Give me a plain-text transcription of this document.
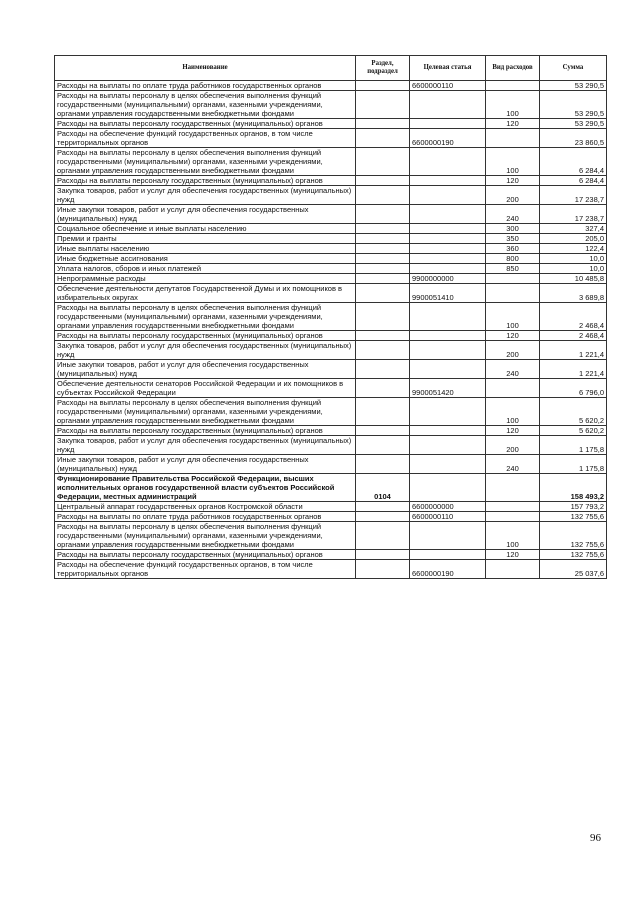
Наименование	Раздел, подраздел	Целевая статья	Вид расходов	Сумма
Расходы на выплаты по оплате труда работников государственных органов		6600000110		53 290,5
Расходы на выплаты персоналу в целях обеспечения выполнения функций государственными (муниципальными) органами, казенными учреждениями, органами управления государственными внебюджетными фондами			100	53 290,5
Расходы на выплаты персоналу государственных (муниципальных) органов			120	53 290,5
Расходы на обеспечение функций государственных органов, в том числе территориальных органов		6600000190		23 860,5
Расходы на выплаты персоналу в целях обеспечения выполнения функций государственными (муниципальными) органами, казенными учреждениями, органами управления государственными внебюджетными фондами			100	6 284,4
Расходы на выплаты персоналу государственных (муниципальных) органов			120	6 284,4
Закупка товаров, работ и услуг для обеспечения государственных (муниципальных) нужд			200	17 238,7
Иные закупки товаров, работ и услуг для обеспечения государственных (муниципальных) нужд			240	17 238,7
Социальное обеспечение и иные выплаты населению			300	327,4
Премии и гранты			350	205,0
Иные выплаты населению			360	122,4
Иные бюджетные ассигнования			800	10,0
Уплата налогов, сборов и иных платежей			850	10,0
Непрограммные расходы		9900000000		10 485,8
Обеспечение деятельности депутатов Государственной Думы и их помощников в избирательных округах		9900051410		3 689,8
Расходы на выплаты персоналу в целях обеспечения выполнения функций государственными (муниципальными) органами, казенными учреждениями, органами управления государственными внебюджетными фондами			100	2 468,4
Расходы на выплаты персоналу государственных (муниципальных) органов			120	2 468,4
Закупка товаров, работ и услуг для обеспечения государственных (муниципальных) нужд			200	1 221,4
Иные закупки товаров, работ и услуг для обеспечения государственных (муниципальных) нужд			240	1 221,4
Обеспечение деятельности сенаторов Российской Федерации и их помощников в субъектах Российской Федерации		9900051420		6 796,0
Расходы на выплаты персоналу в целях обеспечения выполнения функций государственными (муниципальными) органами, казенными учреждениями, органами управления государственными внебюджетными фондами			100	5 620,2
Расходы на выплаты персоналу государственных (муниципальных) органов			120	5 620,2
Закупка товаров, работ и услуг для обеспечения государственных (муниципальных) нужд			200	1 175,8
Иные закупки товаров, работ и услуг для обеспечения государственных (муниципальных) нужд			240	1 175,8
Функционирование Правительства Российской Федерации, высших исполнительных органов государственной власти субъектов Российской Федерации, местных администраций	0104			158 493,2
Центральный аппарат государственных органов Костромской области		6600000000		157 793,2
Расходы на выплаты по оплате труда работников государственных органов		6600000110		132 755,6
Расходы на выплаты персоналу в целях обеспечения выполнения функций государственными (муниципальными) органами, казенными учреждениями, органами управления государственными внебюджетными фондами			100	132 755,6
Расходы на выплаты персоналу государственных (муниципальных) органов			120	132 755,6
Расходы на обеспечение функций государственных органов, в том числе территориальных органов		6600000190		25 037,6
96
